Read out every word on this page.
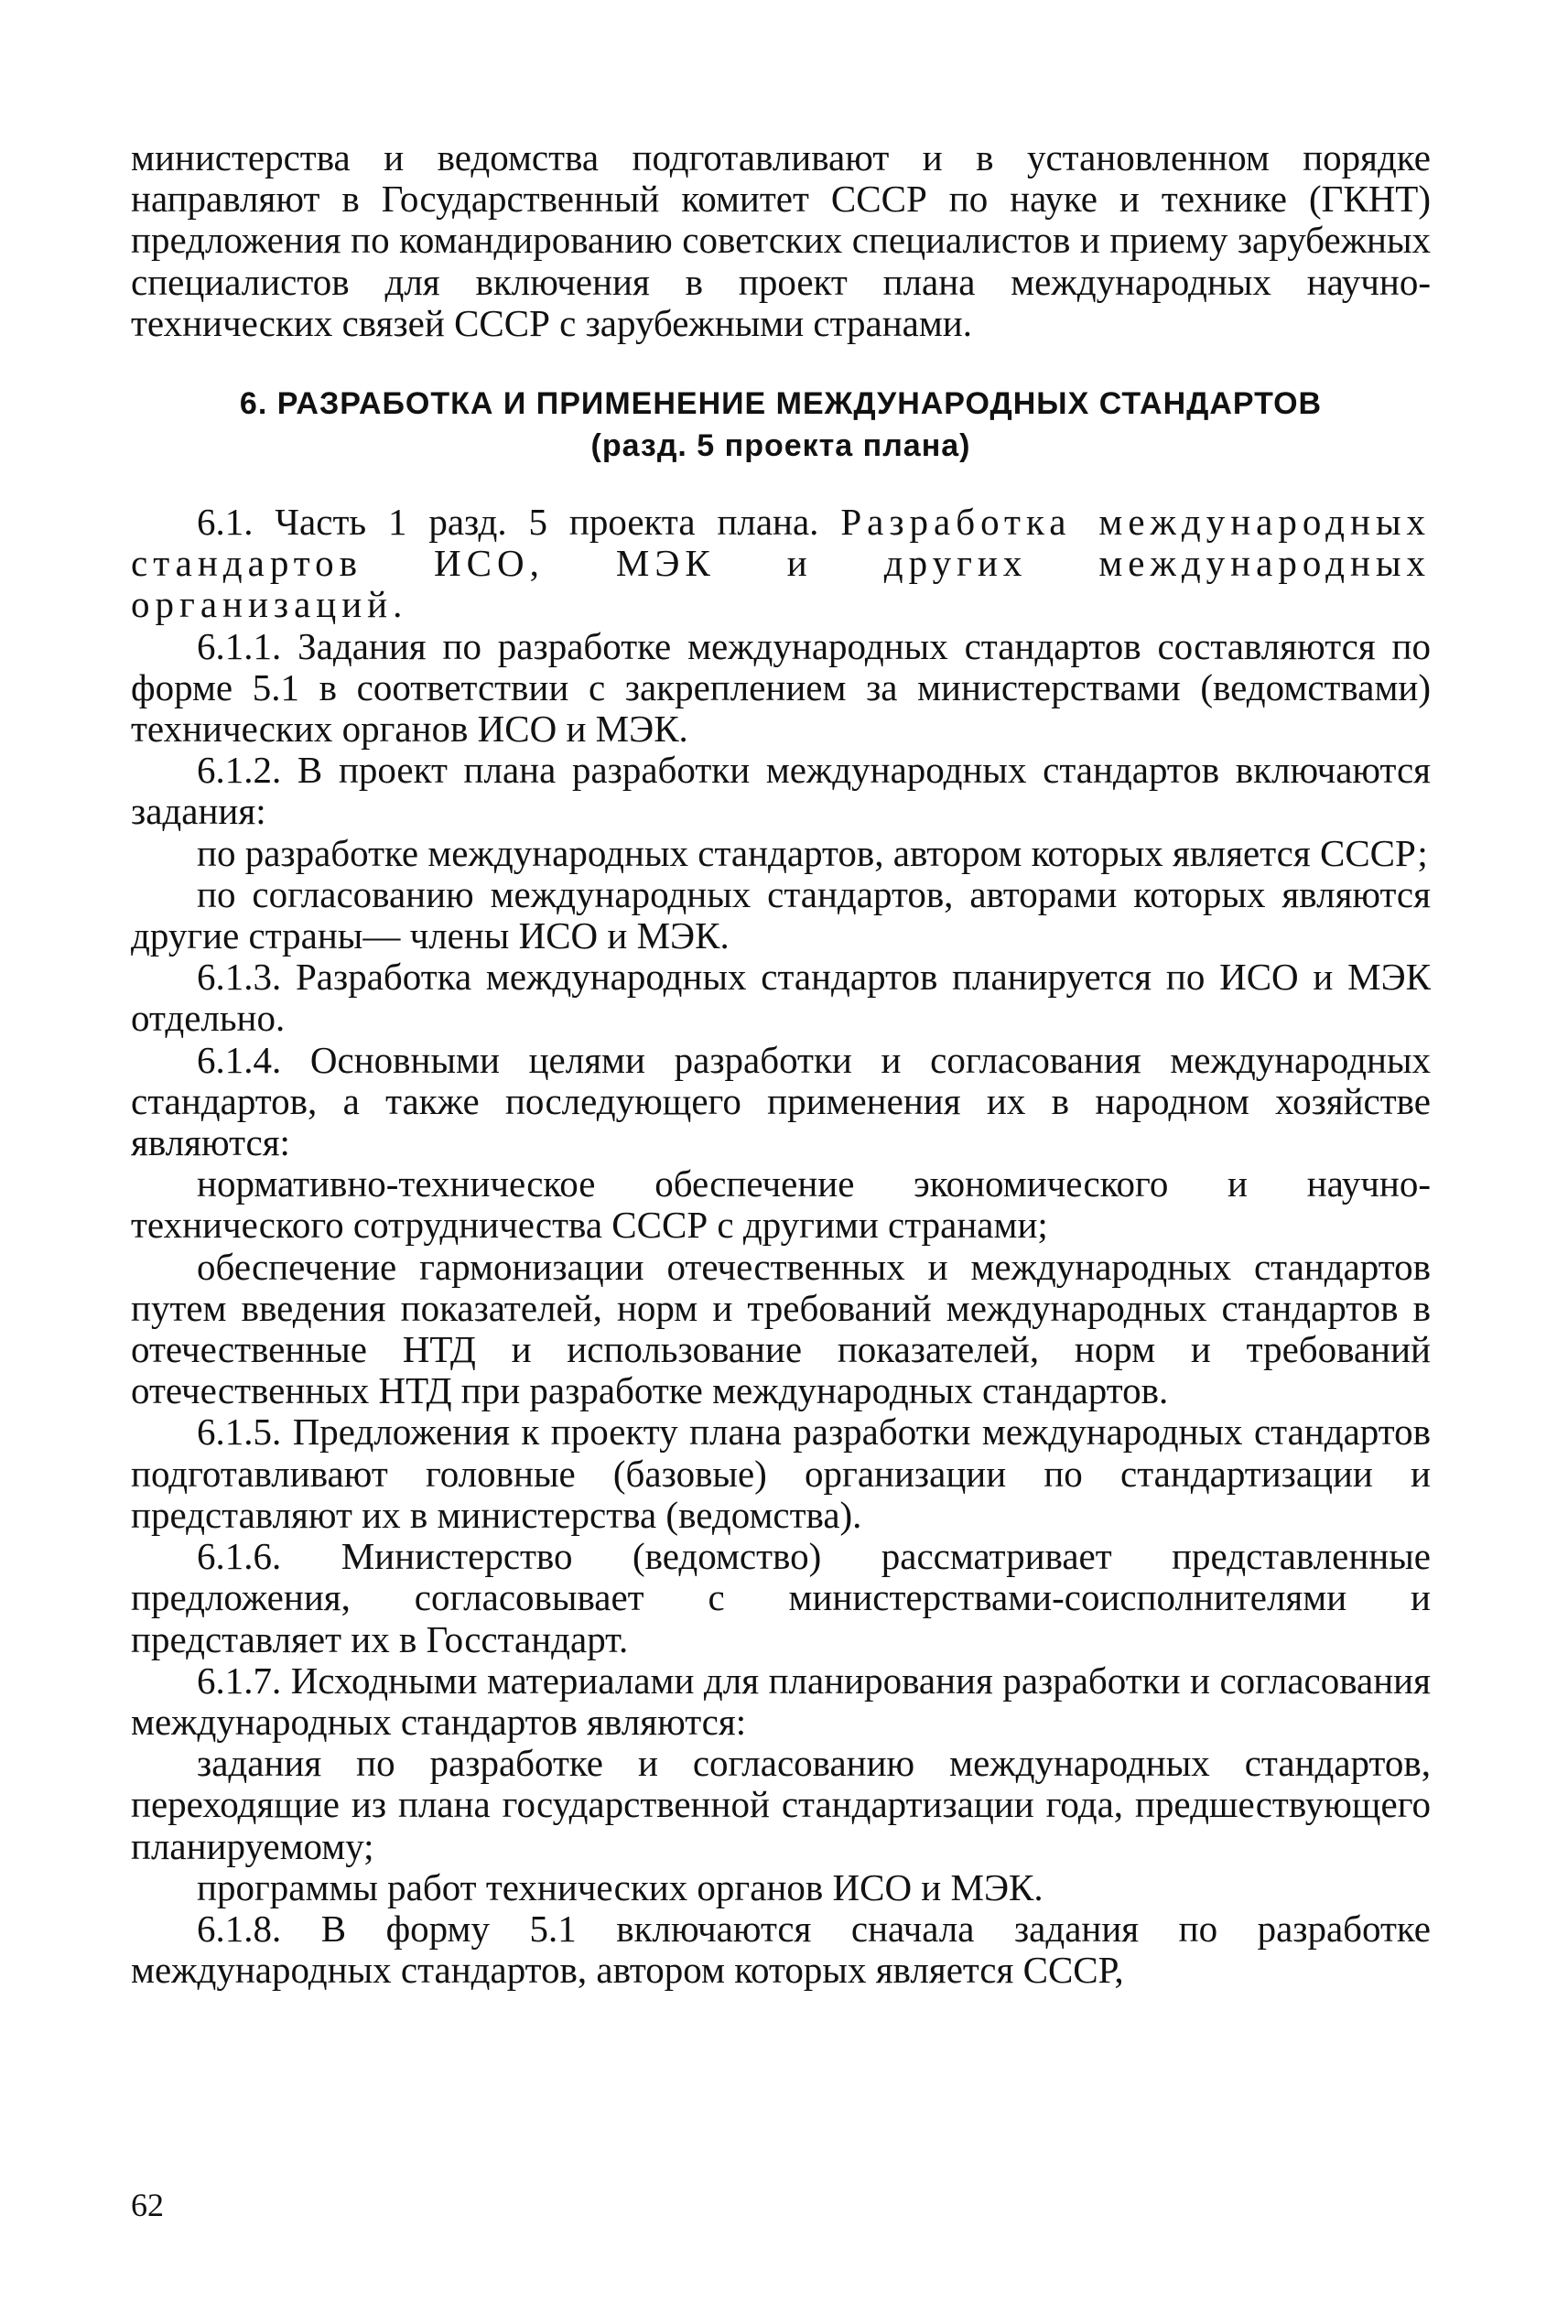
министерства и ведомства подготавливают и в установленном порядке направляют в Государственный комитет СССР по науке и технике (ГКНТ) предложения по командированию советских специалистов и приему зарубежных специалистов для включения в проект плана международных научно-технических связей СССР с зарубежными странами.

6. РАЗРАБОТКА И ПРИМЕНЕНИЕ МЕЖДУНАРОДНЫХ СТАНДАРТОВ
(разд. 5 проекта плана)

6.1. Часть 1 разд. 5 проекта плана. Разработка международных стандартов ИСО, МЭК и других международных организаций.

6.1.1. Задания по разработке международных стандартов составляются по форме 5.1 в соответствии с закреплением за министерствами (ведомствами) технических органов ИСО и МЭК.

6.1.2. В проект плана разработки международных стандартов включаются задания:

по разработке международных стандартов, автором которых является СССР;

по согласованию международных стандартов, авторами которых являются другие страны— члены ИСО и МЭК.

6.1.3. Разработка международных стандартов планируется по ИСО и МЭК отдельно.

6.1.4. Основными целями разработки и согласования международных стандартов, а также последующего применения их в народном хозяйстве являются:

нормативно-техническое обеспечение экономического и научно-технического сотрудничества СССР с другими странами;

обеспечение гармонизации отечественных и международных стандартов путем введения показателей, норм и требований международных стандартов в отечественные НТД и использование показателей, норм и требований отечественных НТД при разработке международных стандартов.

6.1.5. Предложения к проекту плана разработки международных стандартов подготавливают головные (базовые) организации по стандартизации и представляют их в министерства (ведомства).

6.1.6. Министерство (ведомство) рассматривает представленные предложения, согласовывает с министерствами-соисполнителями и представляет их в Госстандарт.

6.1.7. Исходными материалами для планирования разработки и согласования международных стандартов являются:

задания по разработке и согласованию международных стандартов, переходящие из плана государственной стандартизации года, предшествующего планируемому;

программы работ технических органов ИСО и МЭК.

6.1.8. В форму 5.1 включаются сначала задания по разработке международных стандартов, автором которых является СССР,

62
